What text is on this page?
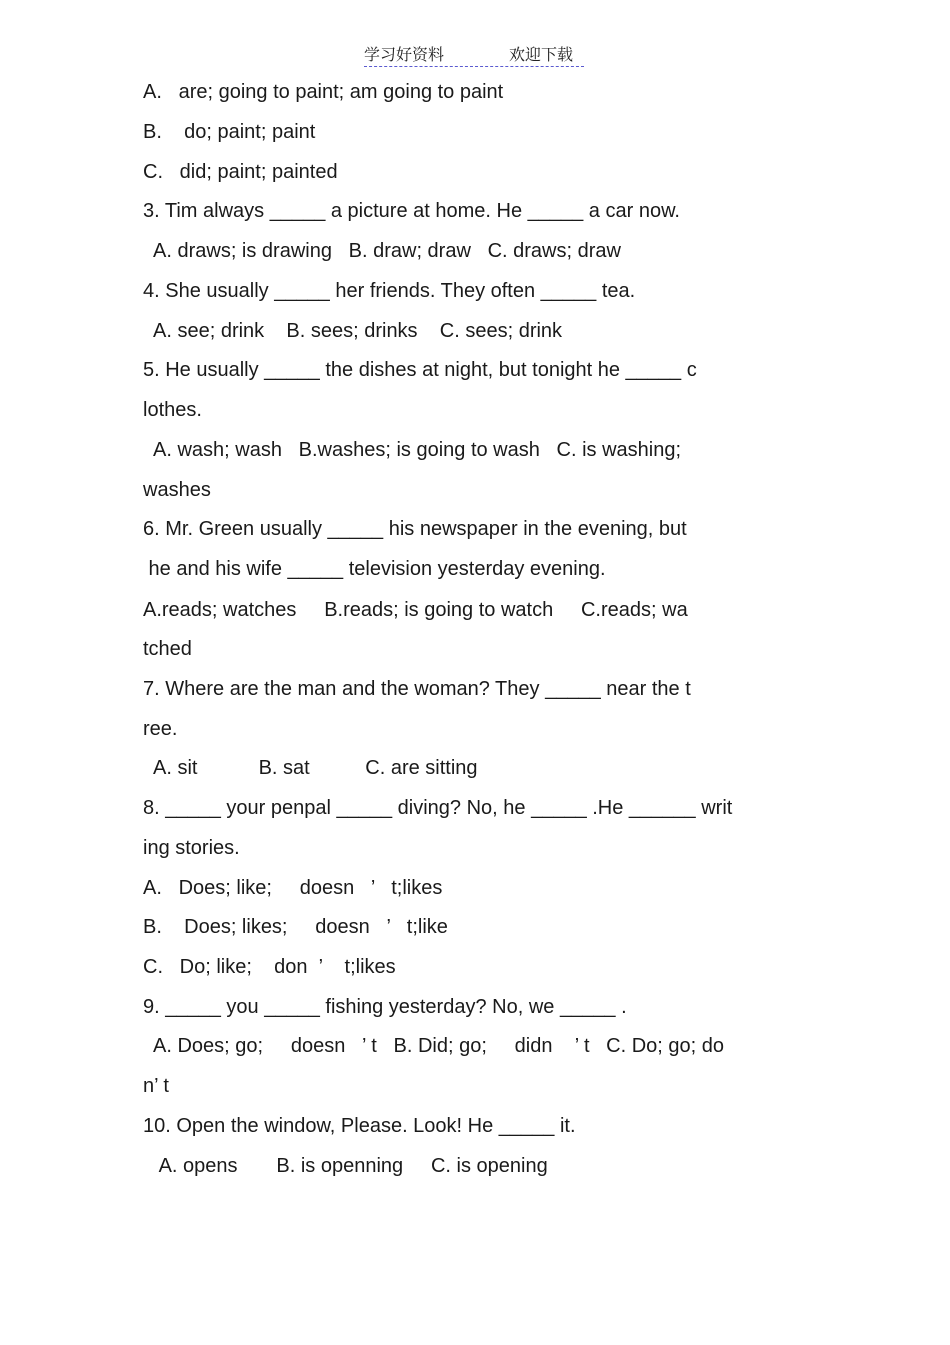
学习好资料	欢迎下载
A.   are; going to paint; am going to paint
B.    do; paint; paint
C.   did; paint; painted
3. Tim always _____ a picture at home. He _____ a car now.
A. draws; is drawing   B. draw; draw   C. draws; draw
4. She usually _____ her friends. They often _____ tea.
A. see; drink    B. sees; drinks    C. sees; drink
5. He usually _____ the dishes at night, but tonight he _____ c
lothes.
A. wash; wash   B.washes; is going to wash   C. is washing;
washes
6. Mr. Green usually _____ his newspaper in the evening, but
he and his wife _____ television yesterday evening.
A.reads; watches     B.reads; is going to watch     C.reads; wa
tched
7. Where are the man and the woman? They _____ near the t
ree.
A. sit           B. sat          C. are sitting
8. _____ your penpal _____ diving? No, he _____ .He ______ writ
ing stories.
A.   Does; like;     doesn   ’   t;likes
B.    Does; likes;     doesn   ’   t;like
C.   Do; like;    don  ’    t;likes
9. _____ you _____ fishing yesterday? No, we _____ .
A. Does; go;     doesn   ’ t   B. Did; go;     didn    ’ t   C. Do; go; do
n’ t
10. Open the window, Please. Look! He _____ it.
A. opens       B. is openning     C. is opening
